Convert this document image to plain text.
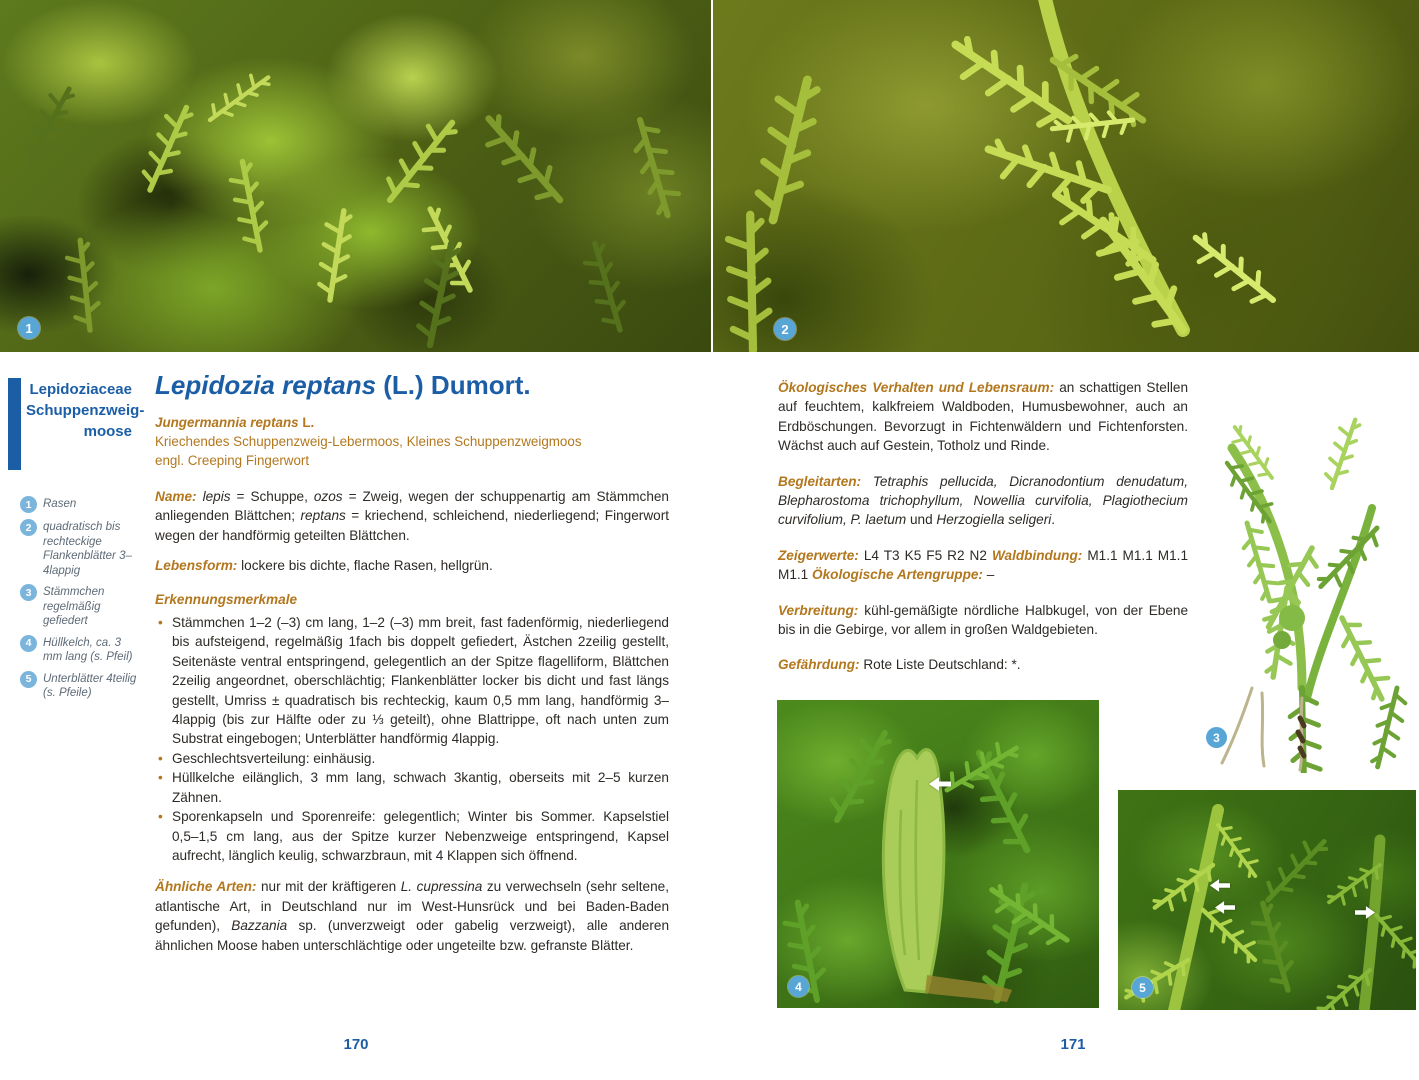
1	2
Lepidoziaceae
Schuppenzweig-
moose
1	Rasen
2	quadratisch bis rechteckige Flankenblätter 3–4lappig
3	Stämmchen regelmäßig gefiedert
4	Hüllkelch, ca. 3 mm lang (s. Pfeil)
5	Unterblätter 4teilig (s. Pfeile)
Lepidozia reptans (L.) Dumort.
Jungermannia reptans L.
Kriechendes Schuppenzweig-Lebermoos, Kleines Schuppenzweigmoos
engl. Creeping Fingerwort

Name: lepis = Schuppe, ozos = Zweig, wegen der schuppenartig am Stämmchen anliegenden Blättchen; reptans = kriechend, schleichend, niederliegend; Fingerwort wegen der handförmig geteilten Blättchen.

Lebensform: lockere bis dichte, flache Rasen, hellgrün.

Erkennungsmerkmale
• Stämmchen 1–2 (–3) cm lang, 1–2 (–3) mm breit, fast fadenförmig, niederliegend bis aufsteigend, regelmäßig 1fach bis doppelt gefiedert, Ästchen 2zeilig gestellt, Seitenäste ventral entspringend, gelegentlich an der Spitze flagelliform, Blättchen 2zeilig angeordnet, oberschlächtig; Flankenblätter locker bis dicht und fast längs gestellt, Umriss ± quadratisch bis rechteckig, kaum 0,5 mm lang, handförmig 3–4lappig (bis zur Hälfte oder zu ⅓ geteilt), ohne Blattrippe, oft nach unten zum Substrat eingebogen; Unterblätter handförmig 4lappig.
• Geschlechtsverteilung: einhäusig.
• Hüllkelche eilänglich, 3 mm lang, schwach 3kantig, oberseits mit 2–5 kurzen Zähnen.
• Sporenkapseln und Sporenreife: gelegentlich; Winter bis Sommer. Kapselstiel 0,5–1,5 cm lang, aus der Spitze kurzer Nebenzweige entspringend, Kapsel aufrecht, länglich keulig, schwarzbraun, mit 4 Klappen sich öffnend.

Ähnliche Arten: nur mit der kräftigeren L. cupressina zu verwechseln (sehr seltene, atlantische Art, in Deutschland nur im West-Hunsrück und bei Baden-Baden gefunden), Bazzania sp. (unverzweigt oder gabelig verzweigt), alle anderen ähnlichen Moose haben unterschlächtige oder ungeteilte bzw. gefranste Blätter.

Ökologisches Verhalten und Lebensraum: an schattigen Stellen auf feuchtem, kalkfreiem Waldboden, Humusbewohner, auch an Erdböschungen. Bevorzugt in Fichtenwäldern und Fichtenforsten. Wächst auch auf Gestein, Totholz und Rinde.

Begleitarten: Tetraphis pellucida, Dicranodontium denudatum, Blepharostoma trichophyllum, Nowellia curvifolia, Plagiothecium curvifolium, P. laetum und Herzogiella seligeri.

Zeigerwerte: L4 T3 K5 F5 R2 N2 Waldbindung: M1.1 M1.1 M1.1 M1.1 Ökologische Artengruppe: –

Verbreitung: kühl-gemäßigte nördliche Halbkugel, von der Ebene bis in die Gebirge, vor allem in großen Waldgebieten.

Gefährdung: Rote Liste Deutschland: *.

3
4	5
170	171
